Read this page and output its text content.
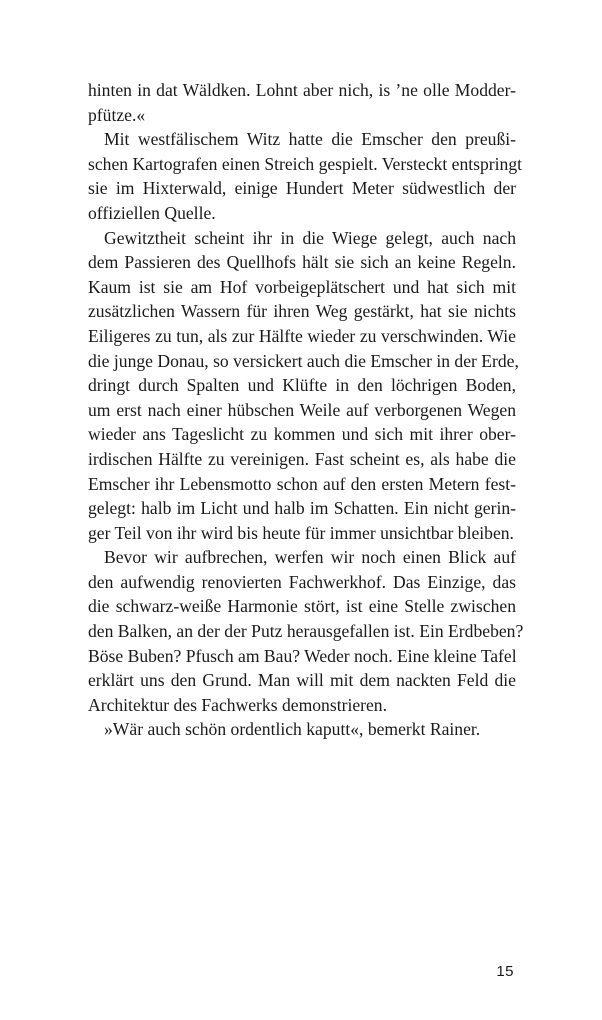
hinten in dat Wäldken. Lohnt aber nich, is ’ne olle Modder-
pfütze.«
Mit westfälischem Witz hatte die Emscher den preußi-
schen Kartografen einen Streich gespielt. Versteckt entspringt
sie im Hixterwald, einige Hundert Meter südwestlich der
offiziellen Quelle.
Gewitztheit scheint ihr in die Wiege gelegt, auch nach
dem Passieren des Quellhofs hält sie sich an keine Regeln.
Kaum ist sie am Hof vorbeigeplätschert und hat sich mit
zusätzlichen Wassern für ihren Weg gestärkt, hat sie nichts
Eiligeres zu tun, als zur Hälfte wieder zu verschwinden. Wie
die junge Donau, so versickert auch die Emscher in der Erde,
dringt durch Spalten und Klüfte in den löchrigen Boden,
um erst nach einer hübschen Weile auf verborgenen Wegen
wieder ans Tageslicht zu kommen und sich mit ihrer ober-
irdischen Hälfte zu vereinigen. Fast scheint es, als habe die
Emscher ihr Lebensmotto schon auf den ersten Metern fest-
gelegt: halb im Licht und halb im Schatten. Ein nicht gerin-
ger Teil von ihr wird bis heute für immer unsichtbar bleiben.
Bevor wir aufbrechen, werfen wir noch einen Blick auf
den aufwendig renovierten Fachwerkhof. Das Einzige, das
die schwarz-weiße Harmonie stört, ist eine Stelle zwischen
den Balken, an der der Putz herausgefallen ist. Ein Erdbeben?
Böse Buben? Pfusch am Bau? Weder noch. Eine kleine Tafel
erklärt uns den Grund. Man will mit dem nackten Feld die
Architektur des Fachwerks demonstrieren.
»Wär auch schön ordentlich kaputt«, bemerkt Rainer.
15
